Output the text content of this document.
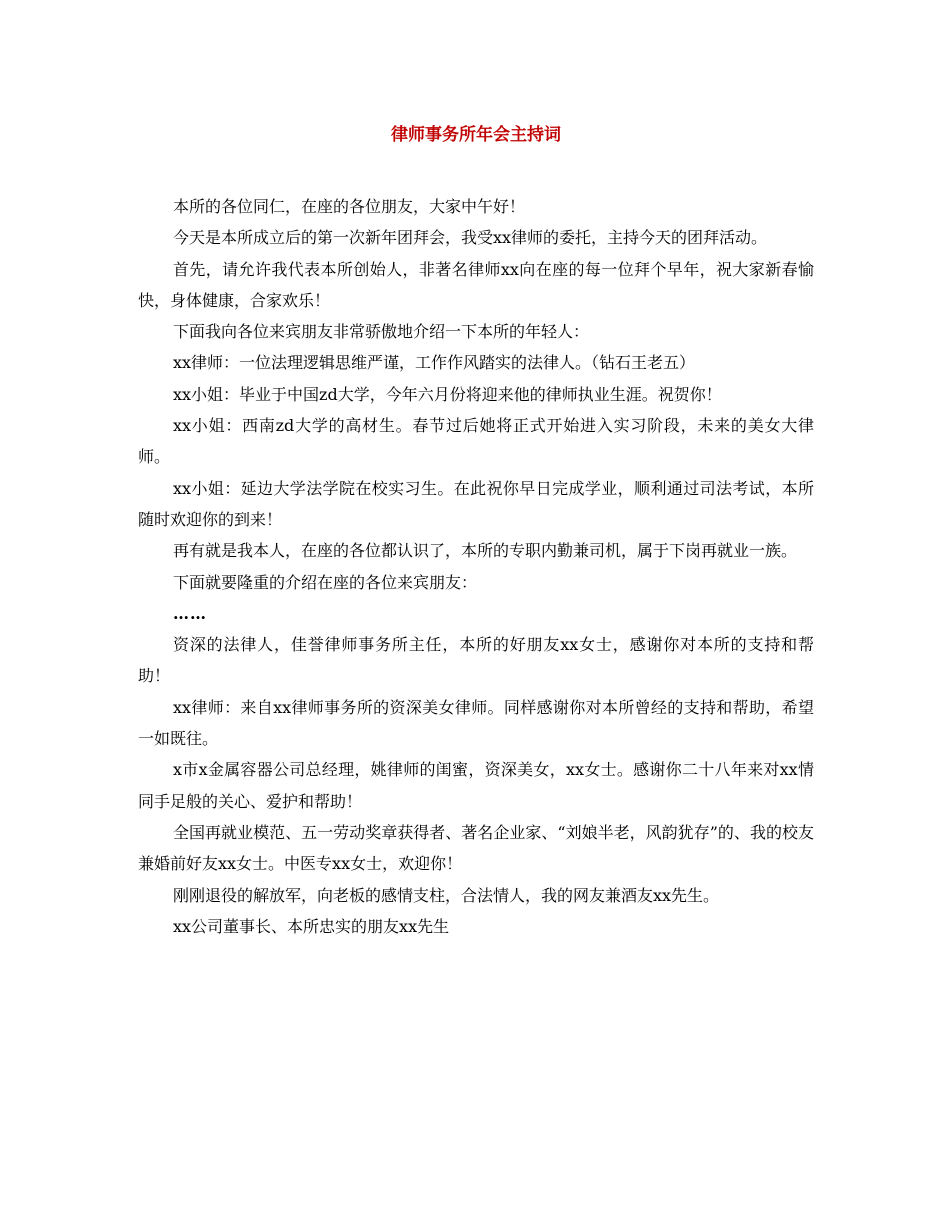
律师事务所年会主持词

本所的各位同仁，在座的各位朋友，大家中午好！

今天是本所成立后的第一次新年团拜会，我受xx律师的委托，主持今天的团拜活动。

首先，请允许我代表本所创始人，非著名律师xx向在座的每一位拜个早年，祝大家新春愉快，身体健康，合家欢乐！

下面我向各位来宾朋友非常骄傲地介绍一下本所的年轻人：

xx律师：一位法理逻辑思维严谨，工作作风踏实的法律人。（钻石王老五）

xx小姐：毕业于中国zd大学，今年六月份将迎来他的律师执业生涯。祝贺你！

xx小姐：西南zd大学的高材生。春节过后她将正式开始进入实习阶段，未来的美女大律师。

xx小姐：延边大学法学院在校实习生。在此祝你早日完成学业，顺利通过司法考试，本所随时欢迎你的到来！

再有就是我本人，在座的各位都认识了，本所的专职内勤兼司机，属于下岗再就业一族。

下面就要隆重的介绍在座的各位来宾朋友：

……

资深的法律人，佳誉律师事务所主任，本所的好朋友xx女士，感谢你对本所的支持和帮助！

xx律师：来自xx律师事务所的资深美女律师。同样感谢你对本所曾经的支持和帮助，希望一如既往。

x市x金属容器公司总经理，姚律师的闺蜜，资深美女，xx女士。感谢你二十八年来对xx情同手足般的关心、爱护和帮助！

全国再就业模范、五一劳动奖章获得者、著名企业家、“刘娘半老，风韵犹存”的、我的校友兼婚前好友xx女士。中医专xx女士，欢迎你！

刚刚退役的解放军，向老板的感情支柱，合法情人，我的网友兼酒友xx先生。

xx公司董事长、本所忠实的朋友xx先生
